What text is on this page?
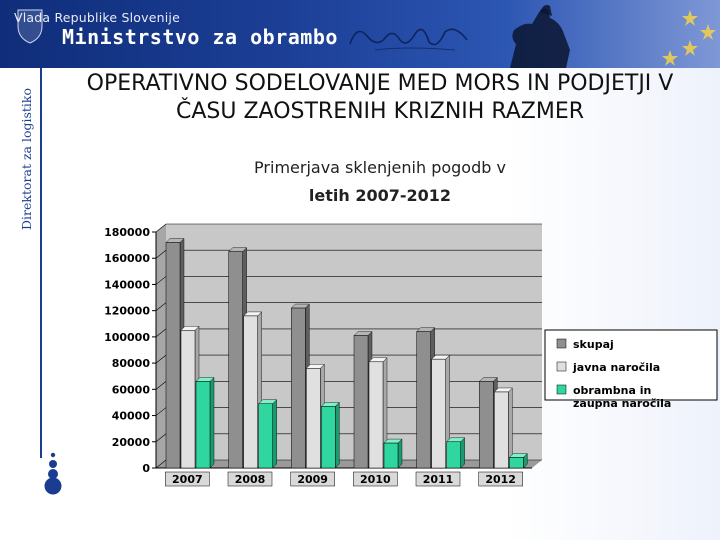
Vlada Republike Slovenije
Ministrstvo za obrambo
Direktorat za logistiko
OPERATIVNO SODELOVANJE MED MORS IN PODJETJI V ČASU ZAOSTRENIH KRIZNIH RAZMER
Primerjava sklenjenih pogodb v
letih 2007-2012
0
20000
40000
60000
80000
100000
120000
140000
160000
180000
2007	2008	2009	2010	2011	2012
skupaj
javna naročila
obrambna in
zaupna naročila
